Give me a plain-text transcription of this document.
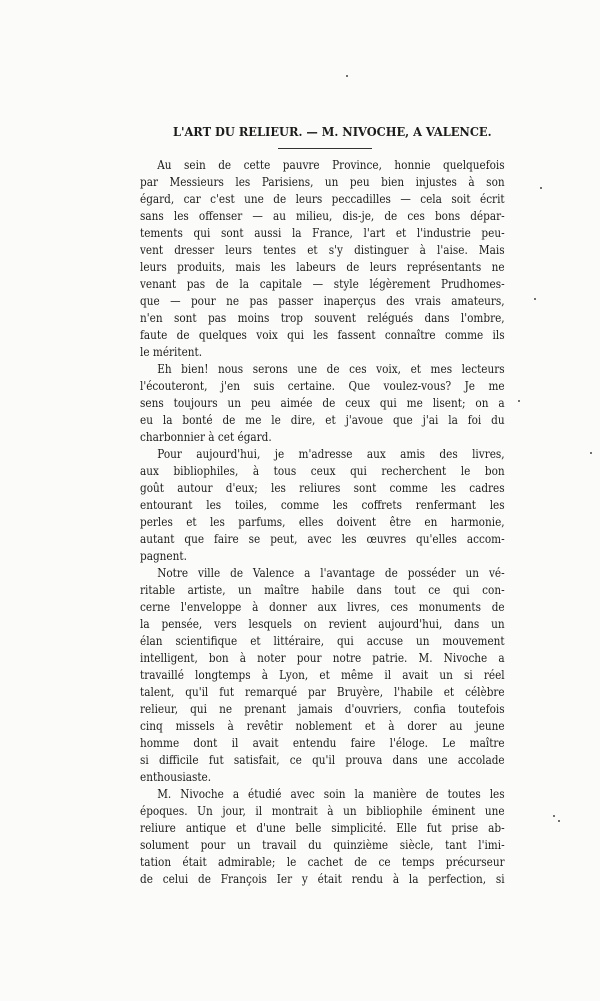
L'ART DU RELIEUR. — M. NIVOCHE, A VALENCE.
Au sein de cette pauvre Province, honnie quelquefois
par Messieurs les Parisiens, un peu bien injustes à son
égard, car c'est une de leurs peccadilles — cela soit écrit
sans les offenser — au milieu, dis-je, de ces bons dépar-
tements qui sont aussi la France, l'art et l'industrie peu-
vent dresser leurs tentes et s'y distinguer à l'aise. Mais
leurs produits, mais les labeurs de leurs représentants ne
venant pas de la capitale — style légèrement Prudhomes-
que — pour ne pas passer inaperçus des vrais amateurs,
n'en sont pas moins trop souvent relégués dans l'ombre,
faute de quelques voix qui les fassent connaître comme ils
le méritent.
Eh bien! nous serons une de ces voix, et mes lecteurs
l'écouteront, j'en suis certaine. Que voulez-vous? Je me
sens toujours un peu aimée de ceux qui me lisent; on a
eu la bonté de me le dire, et j'avoue que j'ai la foi du
charbonnier à cet égard.
Pour aujourd'hui, je m'adresse aux amis des livres,
aux bibliophiles, à tous ceux qui recherchent le bon
goût autour d'eux; les reliures sont comme les cadres
entourant les toiles, comme les coffrets renfermant les
perles et les parfums, elles doivent être en harmonie,
autant que faire se peut, avec les œuvres qu'elles accom-
pagnent.
Notre ville de Valence a l'avantage de posséder un vé-
ritable artiste, un maître habile dans tout ce qui con-
cerne l'enveloppe à donner aux livres, ces monuments de
la pensée, vers lesquels on revient aujourd'hui, dans un
élan scientifique et littéraire, qui accuse un mouvement
intelligent, bon à noter pour notre patrie. M. Nivoche a
travaillé longtemps à Lyon, et même il avait un si réel
talent, qu'il fut remarqué par Bruyère, l'habile et célèbre
relieur, qui ne prenant jamais d'ouvriers, confia toutefois
cinq missels à revêtir noblement et à dorer au jeune
homme dont il avait entendu faire l'éloge. Le maître
si difficile fut satisfait, ce qu'il prouva dans une accolade
enthousiaste.
M. Nivoche a étudié avec soin la manière de toutes les
époques. Un jour, il montrait à un bibliophile éminent une
reliure antique et d'une belle simplicité. Elle fut prise ab-
solument pour un travail du quinzième siècle, tant l'imi-
tation était admirable; le cachet de ce temps précurseur
de celui de François Ier y était rendu à la perfection, si
